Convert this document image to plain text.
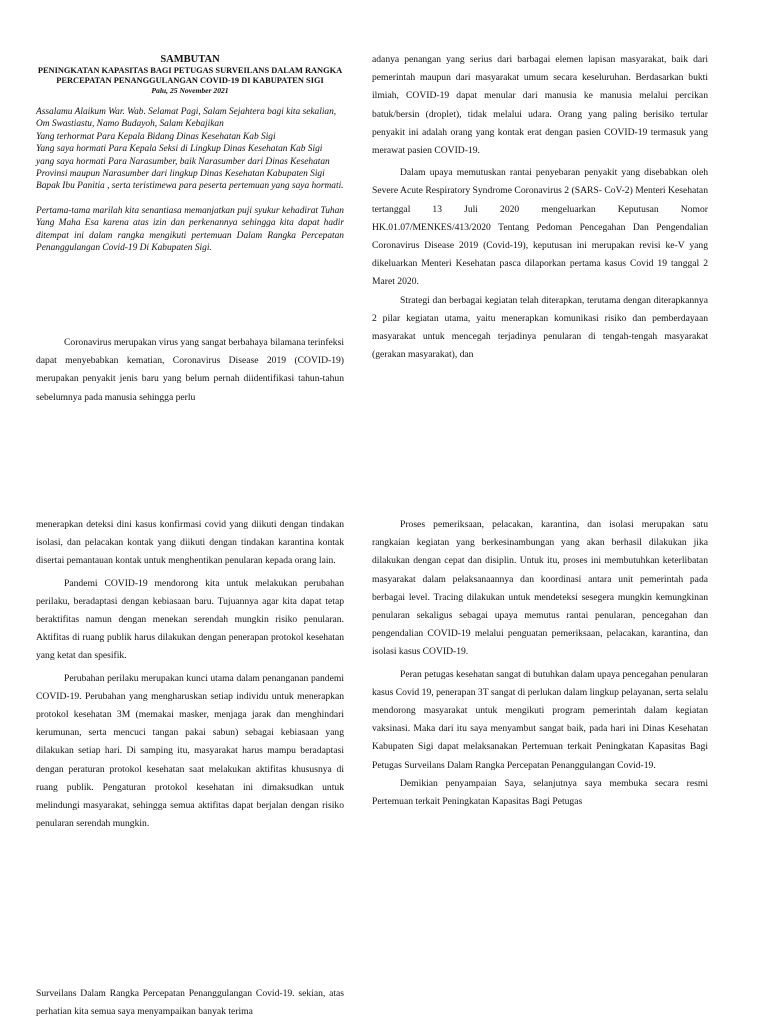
SAMBUTAN
PENINGKATAN KAPASITAS BAGI PETUGAS SURVEILANS DALAM RANGKA PERCEPATAN PENANGGULANGAN COVID-19 DI KABUPATEN SIGI
Palu, 25 November 2021
Assalamu Alaikum War. Wab. Selamat Pagi, Salam Sejahtera bagi kita sekalian, Om Swastiastu, Namo Budayoh, Salam Kebajikan
Yang terhormat Para Kepala Bidang Dinas Kesehatan Kab Sigi
Yang saya hormati Para Kepala Seksi di Lingkup Dinas Kesehatan Kab Sigi
yang saya hormati Para Narasumber, baik Narasumber dari Dinas Kesehatan Provinsi maupun Narasumber dari lingkup Dinas Kesehatan Kabupaten Sigi
Bapak Ibu Panitia , serta teristimewa para peserta pertemuan yang saya hormati.

Pertama-tama marilah kita senantiasa memanjatkan puji syukur kehadirat Tuhan Yang Maha Esa karena atas izin dan perkenannya sehingga kita dapat hadir ditempat ini dalam rangka mengikuti pertemuan Dalam Rangka Percepatan Penanggulangan Covid-19 Di Kabupaten Sigi.

Coronavirus merupakan virus yang sangat berbahaya bilamana terinfeksi dapat menyebabkan kematian, Coronavirus Disease 2019 (COVID-19) merupakan penyakit jenis baru yang belum pernah diidentifikasi tahun-tahun sebelumnya pada manusia sehingga perlu

adanya penangan yang serius dari barbagai elemen lapisan masyarakat, baik dari pemerintah maupun dari masyarakat umum secara keseluruhan. Berdasarkan bukti ilmiah, COVID-19 dapat menular dari manusia ke manusia melalui percikan batuk/bersin (droplet), tidak melalui udara. Orang yang paling berisiko tertular penyakit ini adalah orang yang kontak erat dengan pasien COVID-19 termasuk yang merawat pasien COVID-19.

Dalam upaya memutuskan rantai penyebaran penyakit yang disebabkan oleh Severe Acute Respiratory Syndrome Coronavirus 2 (SARS- CoV-2) Menteri Kesehatan tertanggal 13 Juli 2020 mengeluarkan Keputusan Nomor HK.01.07/MENKES/413/2020 Tentang Pedoman Pencegahan Dan Pengendalian Coronavirus Disease 2019 (Covid-19), keputusan ini merupakan revisi ke-V yang dikeluarkan Menteri Kesehatan pasca dilaporkan pertama kasus Covid 19 tanggal 2 Maret 2020.

Strategi dan berbagai kegiatan telah diterapkan, terutama dengan diterapkannya 2 pilar kegiatan utama, yaitu menerapkan komunikasi risiko dan pemberdayaan masyarakat untuk mencegah terjadinya penularan di tengah-tengah masyarakat (gerakan masyarakat), dan

menerapkan deteksi dini kasus konfirmasi covid yang diikuti dengan tindakan isolasi, dan pelacakan kontak yang diikuti dengan tindakan karantina kontak disertai pemantauan kontak untuk menghentikan penularan kepada orang lain.

Pandemi COVID-19 mendorong kita untuk melakukan perubahan perilaku, beradaptasi dengan kebiasaan baru. Tujuannya agar kita dapat tetap beraktifitas namun dengan menekan serendah mungkin risiko penularan. Aktifitas di ruang publik harus dilakukan dengan penerapan protokol kesehatan yang ketat dan spesifik.

Perubahan perilaku merupakan kunci utama dalam penanganan pandemi COVID-19. Perubahan yang mengharuskan setiap individu untuk menerapkan protokol kesehatan 3M (memakai masker, menjaga jarak dan menghindari kerumunan, serta mencuci tangan pakai sabun) sebagai kebiasaan yang dilakukan setiap hari. Di samping itu, masyarakat harus mampu beradaptasi dengan peraturan protokol kesehatan saat melakukan aktifitas khususnya di ruang publik. Pengaturan protokol kesehatan ini dimaksudkan untuk melindungi masyarakat, sehingga semua aktifitas dapat berjalan dengan risiko penularan serendah mungkin.

Proses pemeriksaan, pelacakan, karantina, dan isolasi merupakan satu rangkaian kegiatan yang berkesinambungan yang akan berhasil dilakukan jika dilakukan dengan cepat dan disiplin. Untuk itu, proses ini membutuhkan keterlibatan masyarakat dalam pelaksanaannya dan koordinasi antara unit pemerintah pada berbagai level. Tracing dilakukan untuk mendeteksi sesegera mungkin kemungkinan penularan sekaligus sebagai upaya memutus rantai penularan, pencegahan dan pengendalian COVID-19 melalui penguatan pemeriksaan, pelacakan, karantina, dan isolasi kasus COVID-19.

Peran petugas kesehatan sangat di butuhkan dalam upaya pencegahan penularan kasus Covid 19, penerapan 3T sangat di perlukan dalam lingkup pelayanan, serta selalu mendorong masyarakat untuk mengikuti program pemerintah dalam kegiatan vaksinasi. Maka dari itu saya menyambut sangat baik, pada hari ini Dinas Kesehatan Kabupaten Sigi dapat melaksanakan Pertemuan terkait Peningkatan Kapasitas Bagi Petugas Surveilans Dalam Rangka Percepatan Penanggulangan Covid-19.

Demikian penyampaian Saya, selanjutnya saya membuka secara resmi Pertemuan terkait Peningkatan Kapasitas Bagi Petugas

Surveilans Dalam Rangka Percepatan Penanggulangan Covid-19. sekian, atas perhatian kita semua saya menyampaikan banyak terima
